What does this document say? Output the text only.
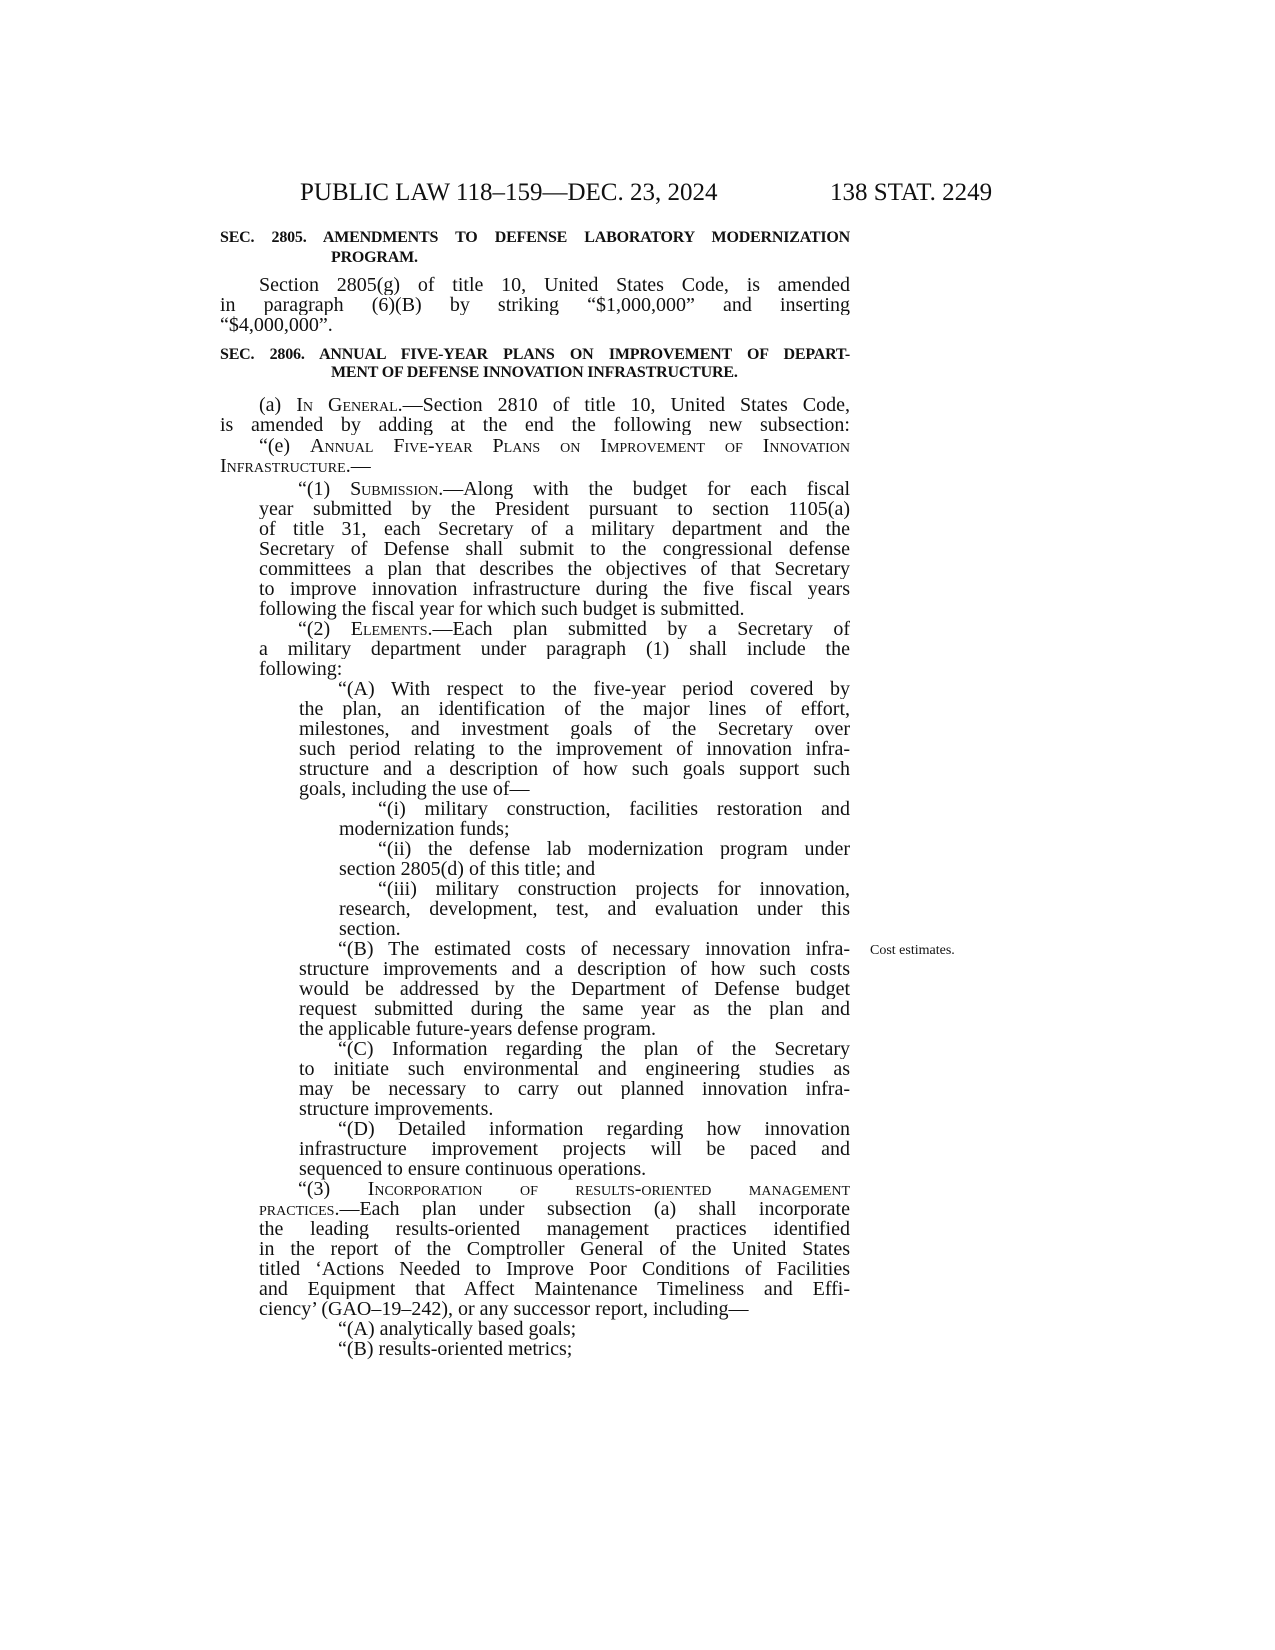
PUBLIC LAW 118–159—DEC. 23, 2024	138 STAT. 2249
Cost estimates.
SEC. 2805. AMENDMENTS TO DEFENSE LABORATORY MODERNIZATION
PROGRAM.
Section 2805(g) of title 10, United States Code, is amended
in paragraph (6)(B) by striking “$1,000,000” and inserting
“$4,000,000”.
SEC. 2806. ANNUAL FIVE-YEAR PLANS ON IMPROVEMENT OF DEPART-
MENT OF DEFENSE INNOVATION INFRASTRUCTURE.
(a) In General.—Section 2810 of title 10, United States Code,
is amended by adding at the end the following new subsection:
“(e) Annual Five-year Plans on Improvement of Innovation
Infrastructure.—
“(1) Submission.—Along with the budget for each fiscal
year submitted by the President pursuant to section 1105(a)
of title 31, each Secretary of a military department and the
Secretary of Defense shall submit to the congressional defense
committees a plan that describes the objectives of that Secretary
to improve innovation infrastructure during the five fiscal years
following the fiscal year for which such budget is submitted.
“(2) Elements.—Each plan submitted by a Secretary of
a military department under paragraph (1) shall include the
following:
“(A) With respect to the five-year period covered by
the plan, an identification of the major lines of effort,
milestones, and investment goals of the Secretary over
such period relating to the improvement of innovation infra-
structure and a description of how such goals support such
goals, including the use of—
“(i) military construction, facilities restoration and
modernization funds;
“(ii) the defense lab modernization program under
section 2805(d) of this title; and
“(iii) military construction projects for innovation,
research, development, test, and evaluation under this
section.
“(B) The estimated costs of necessary innovation infra-
structure improvements and a description of how such costs
would be addressed by the Department of Defense budget
request submitted during the same year as the plan and
the applicable future-years defense program.
“(C) Information regarding the plan of the Secretary
to initiate such environmental and engineering studies as
may be necessary to carry out planned innovation infra-
structure improvements.
“(D) Detailed information regarding how innovation
infrastructure improvement projects will be paced and
sequenced to ensure continuous operations.
“(3) Incorporation of results-oriented management
practices.—Each plan under subsection (a) shall incorporate
the leading results-oriented management practices identified
in the report of the Comptroller General of the United States
titled ‘Actions Needed to Improve Poor Conditions of Facilities
and Equipment that Affect Maintenance Timeliness and Effi-
ciency’ (GAO–19–242), or any successor report, including—
“(A) analytically based goals;
“(B) results-oriented metrics;
